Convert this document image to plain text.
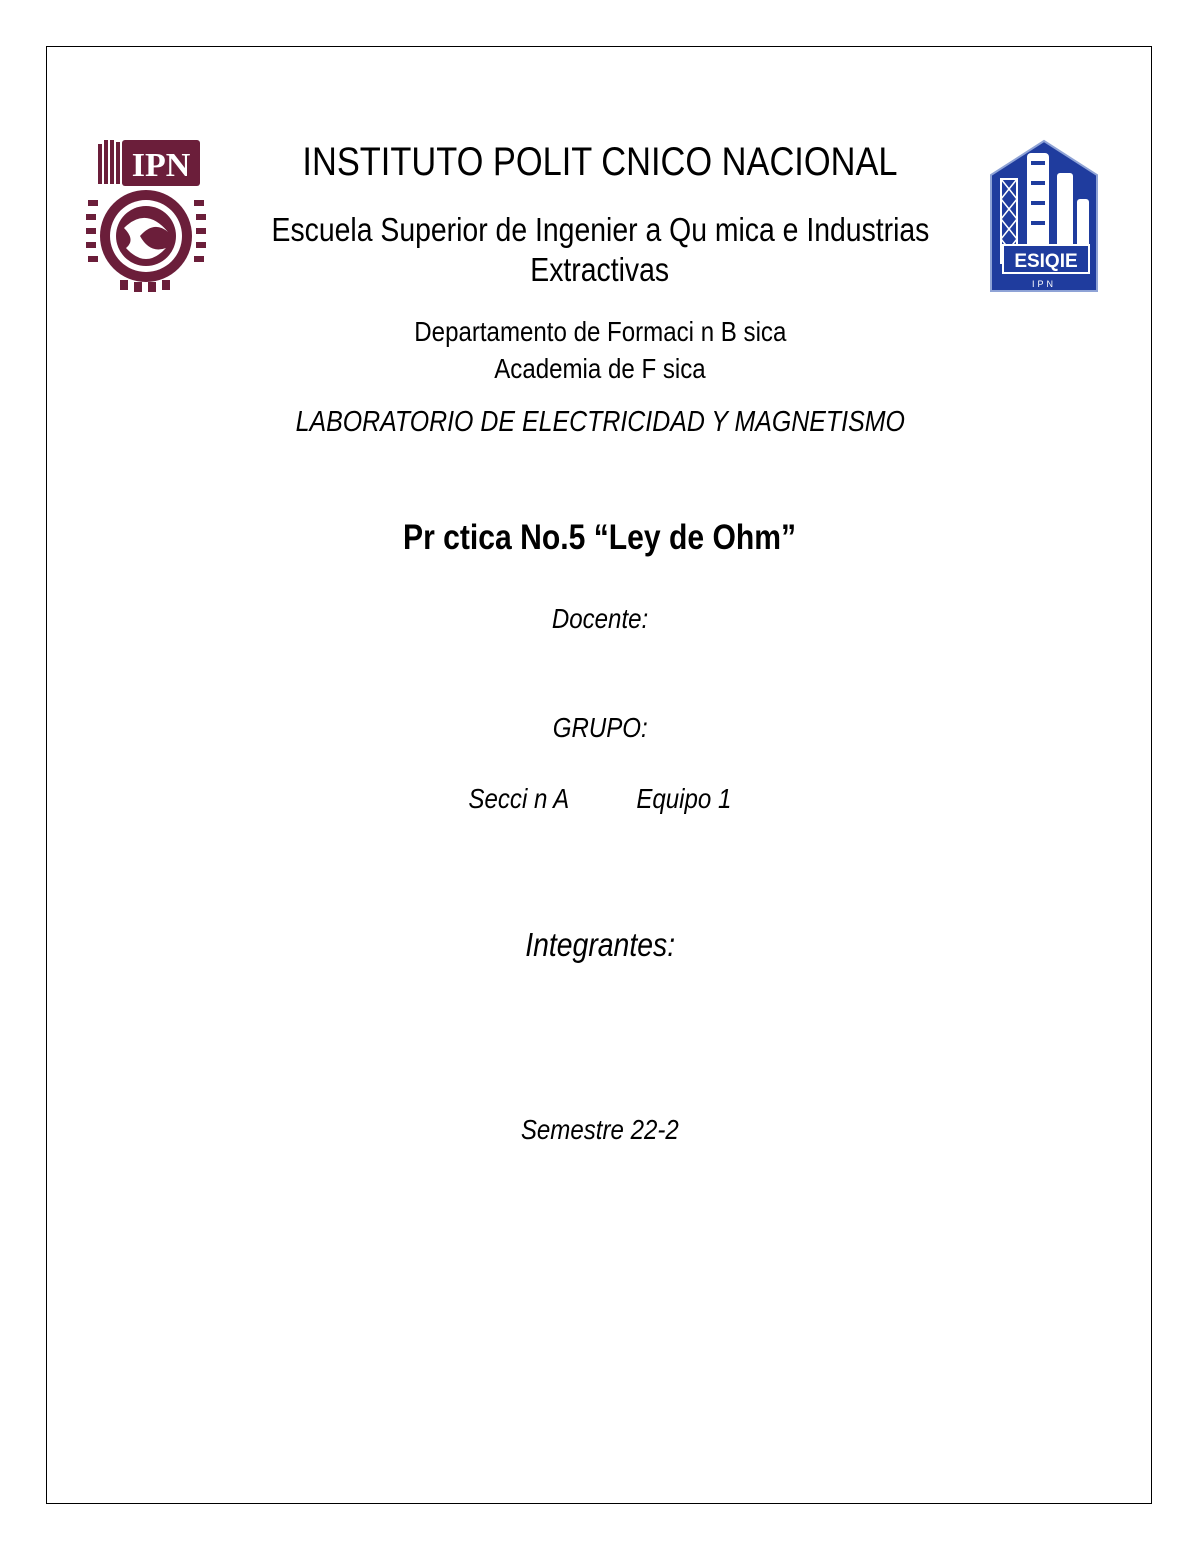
IPN
ESIQIE
IPN
INSTITUTO POLIT CNICO NACIONAL
Escuela Superior de Ingenier a Qu mica e Industrias
Extractivas
Departamento de Formaci n B sica
Academia de F sica
LABORATORIO DE ELECTRICIDAD Y MAGNETISMO
Pr ctica No.5 “Ley de Ohm”
Docente:
GRUPO:
Secci n A Equipo 1
Integrantes:
Semestre 22-2
